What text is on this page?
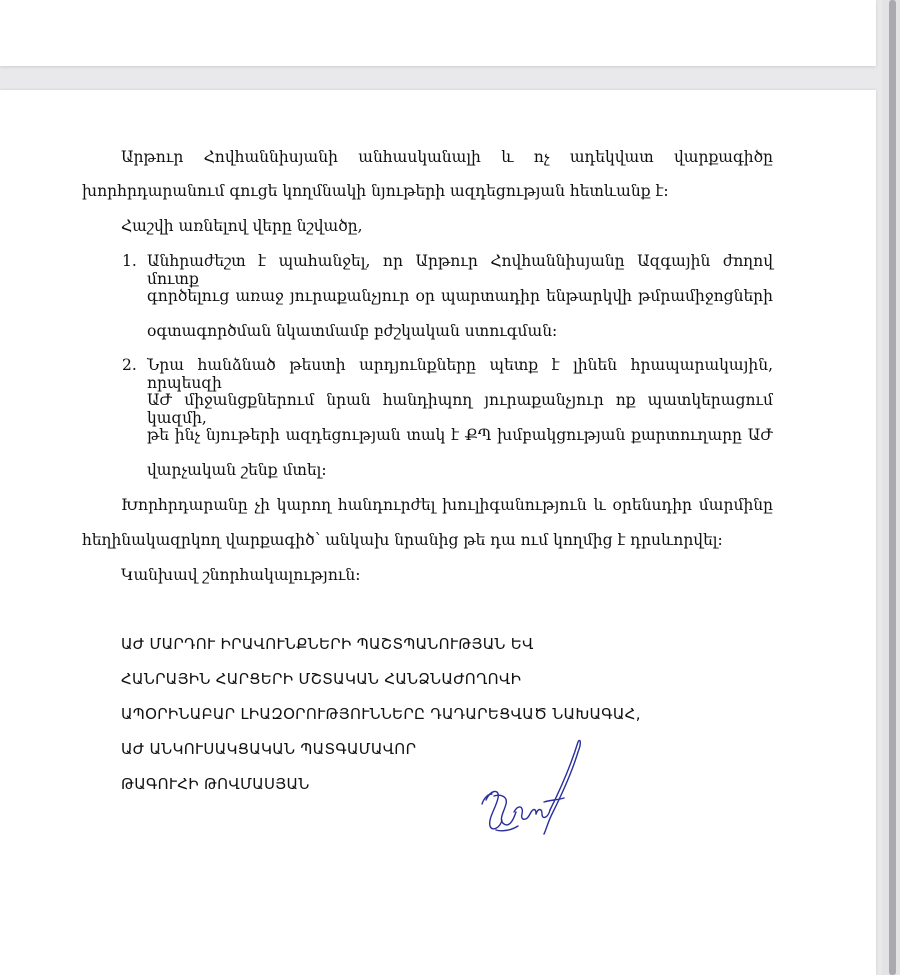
Արթուր Հովհաննիսյանի անհասկանալի և ոչ ադեկվատ վարքագիծը
խորհրդարանում գուցե կողմնակի նյութերի ազդեցության հետևանք է:
Հաշվի առնելով վերը նշվածը,
1. Անհրաժեշտ է պահանջել, որ Արթուր Հովհաննիսյանը Ազգային ժողով մուտք
գործելուց առաջ յուրաքանչյուր օր պարտադիր ենթարկվի թմրամիջոցների
օգտագործման նկատմամբ բժշկական ստուգման:
2. Նրա հանձնած թեստի արդյունքները պետք է լինեն հրապարակային, որպեսզի
ԱԺ միջանցքներում նրան հանդիպող յուրաքանչյուր ոք պատկերացում կազմի,
թե ինչ նյութերի ազդեցության տակ է ՔՊ խմբակցության քարտուղարը ԱԺ
վարչական շենք մտել:
Խորհրդարանը չի կարող հանդուրժել խուլիգանություն և օրենսդիր մարմինը
հեղինակազրկող վարքագիծ՝ անկախ նրանից թե դա ում կողմից է դրսևորվել:
Կանխավ շնորհակալություն:
ԱԺ ՄԱՐԴՈՒ ԻՐԱՎՈՒՆՔՆԵՐԻ ՊԱՇՏՊԱՆՈՒԹՅԱՆ ԵՎ
ՀԱՆՐԱՅԻՆ ՀԱՐՑԵՐԻ ՄՇՏԱԿԱՆ ՀԱՆՁՆԱԺՈՂՈՎԻ
ԱՊՕՐԻՆԱԲԱՐ ԼԻԱԶՕՐՈՒԹՅՈՒՆՆԵՐԸ ԴԱԴԱՐԵՑՎԱԾ ՆԱԽԱԳԱՀ,
ԱԺ ԱՆԿՈՒՍԱԿՑԱԿԱՆ ՊԱՏԳԱՄԱՎՈՐ
ԹԱԳՈՒՀԻ ԹՈՎՄԱՍՅԱՆ
